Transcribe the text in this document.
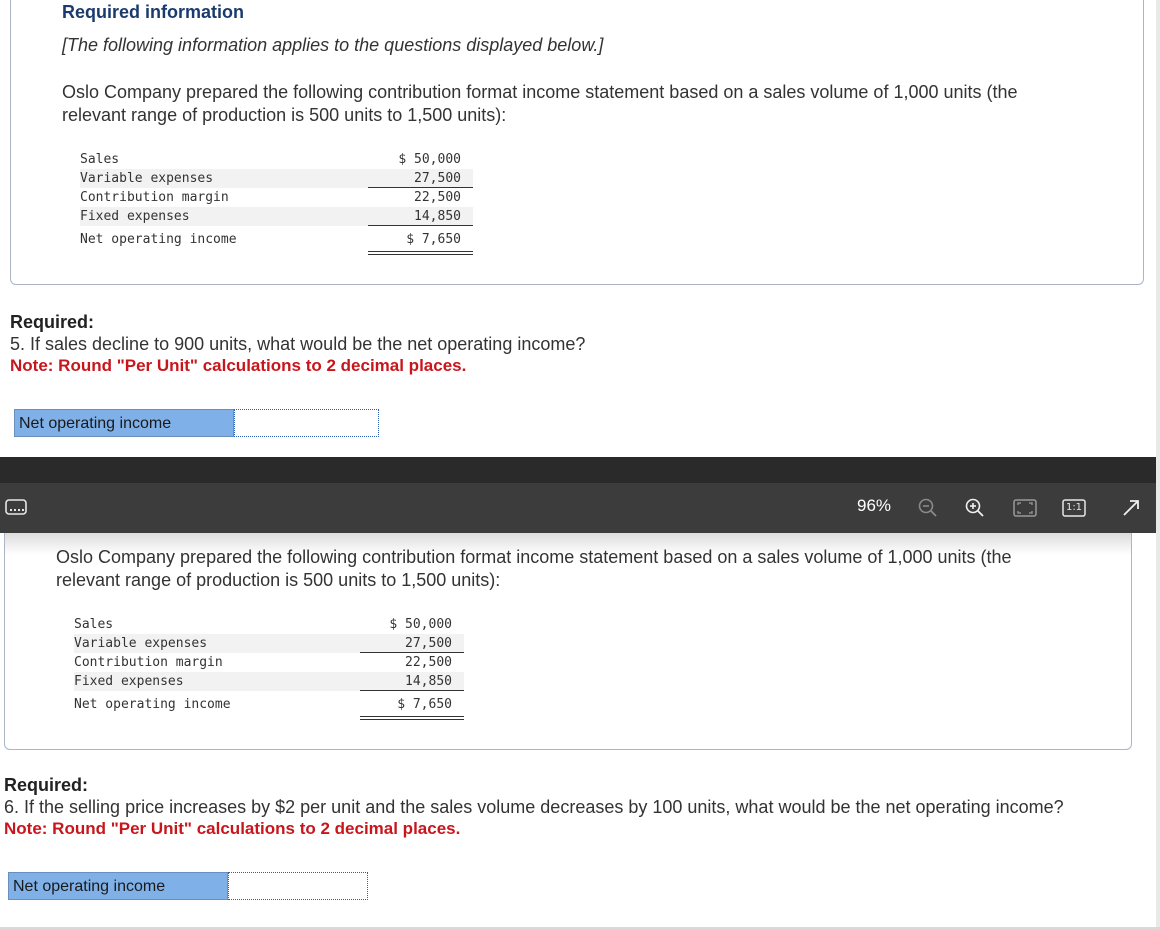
Required information
[The following information applies to the questions displayed below.]
Oslo Company prepared the following contribution format income statement based on a sales volume of 1,000 units (the
relevant range of production is 500 units to 1,500 units):
Sales	$ 50,000
Variable expenses	27,500
Contribution margin	22,500
Fixed expenses	14,850
Net operating income	$ 7,650
Required:
5. If sales decline to 900 units, what would be the net operating income?
Note: Round "Per Unit" calculations to 2 decimal places.
Net operating income
96%	1:1
Oslo Company prepared the following contribution format income statement based on a sales volume of 1,000 units (the
relevant range of production is 500 units to 1,500 units):
Sales	$ 50,000
Variable expenses	27,500
Contribution margin	22,500
Fixed expenses	14,850
Net operating income	$ 7,650
Required:
6. If the selling price increases by $2 per unit and the sales volume decreases by 100 units, what would be the net operating income?
Note: Round "Per Unit" calculations to 2 decimal places.
Net operating income
